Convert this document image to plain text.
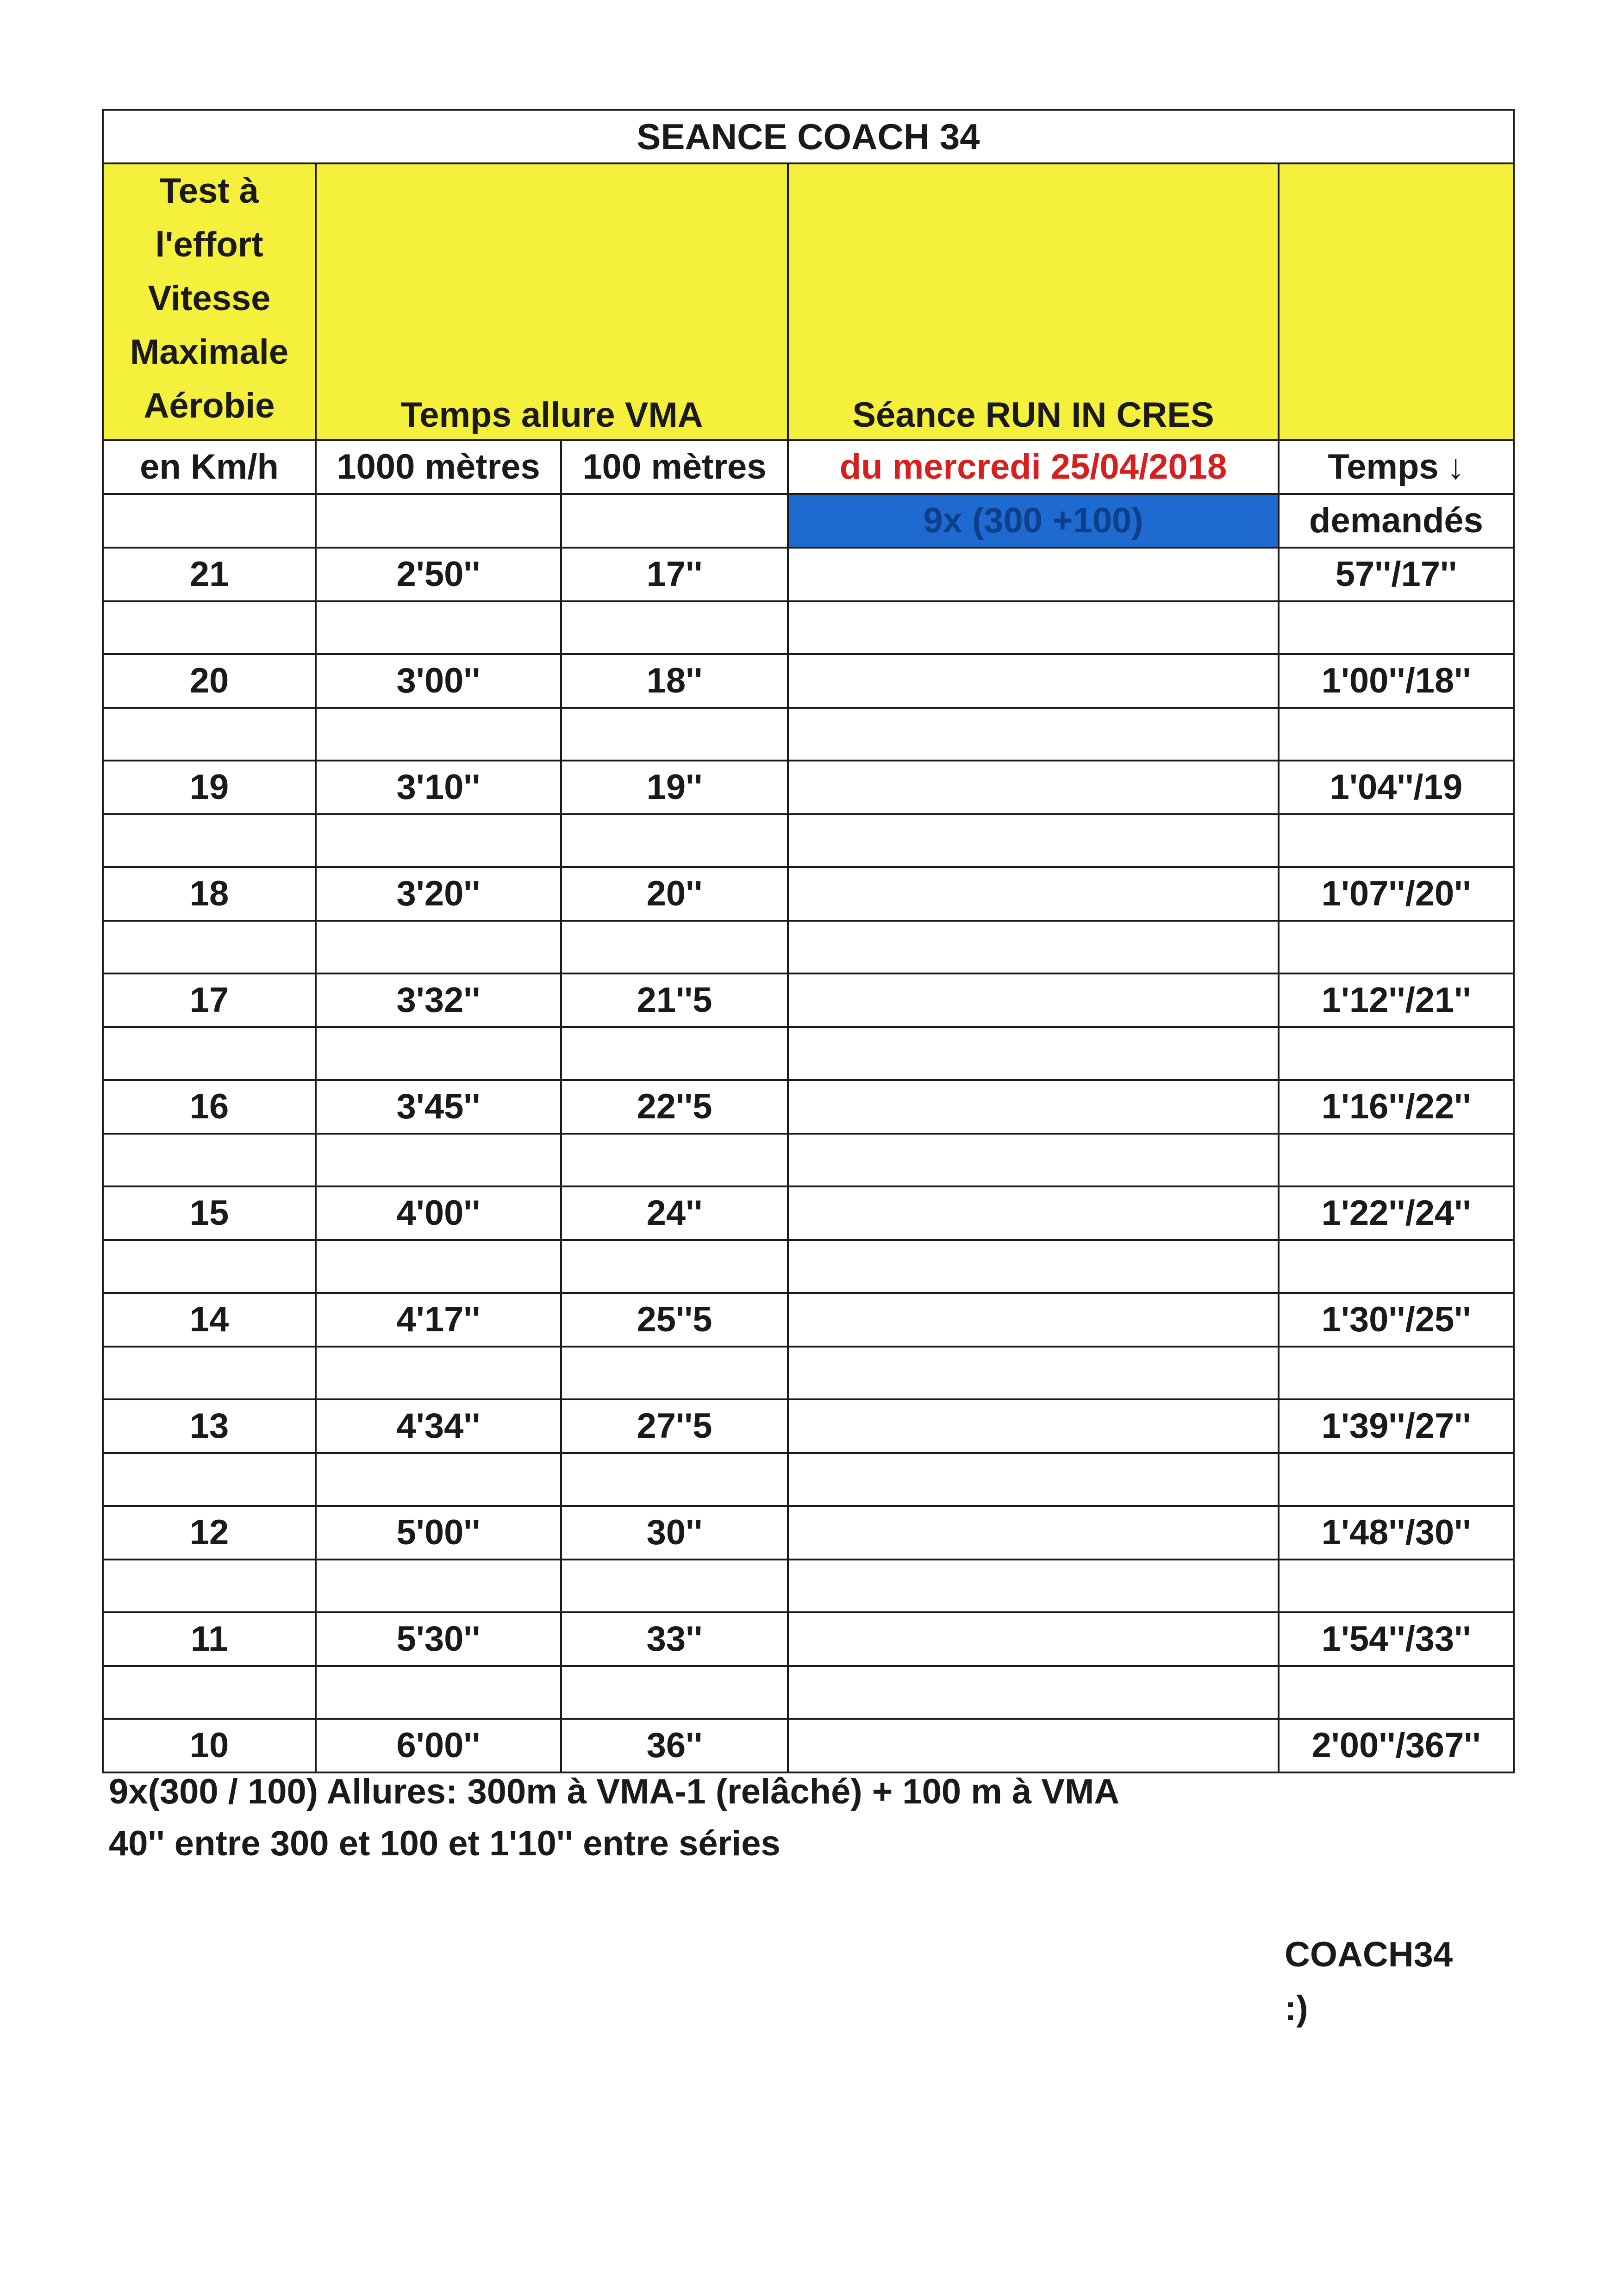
SEANCE COACH 34				

Test à
l'effort
Vitesse
Maximale
Aérobie	Temps allure VMA		Séance RUN IN CRES	
en Km/h	1000 mètres	100 mètres	du mercredi 25/04/2018	Temps ↓
			9x (300 +100)	demandés
21	2'50''	17''		57''/17''

20	3'00''	18''		1'00''/18''

19	3'10''	19''		1'04''/19

18	3'20''	20''		1'07''/20''

17	3'32''	21''5		1'12''/21''

16	3'45''	22''5		1'16''/22''

15	4'00''	24''		1'22''/24''

14	4'17''	25''5		1'30''/25''

13	4'34''	27''5		1'39''/27''

12	5'00''	30''		1'48''/30''

11	5'30''	33''		1'54''/33''

10	6'00''	36''		2'00''/367''
9x(300 / 100) Allures: 300m à VMA-1 (relâché) + 100 m à VMA
40'' entre 300 et 100 et 1'10'' entre séries
COACH34
:)
